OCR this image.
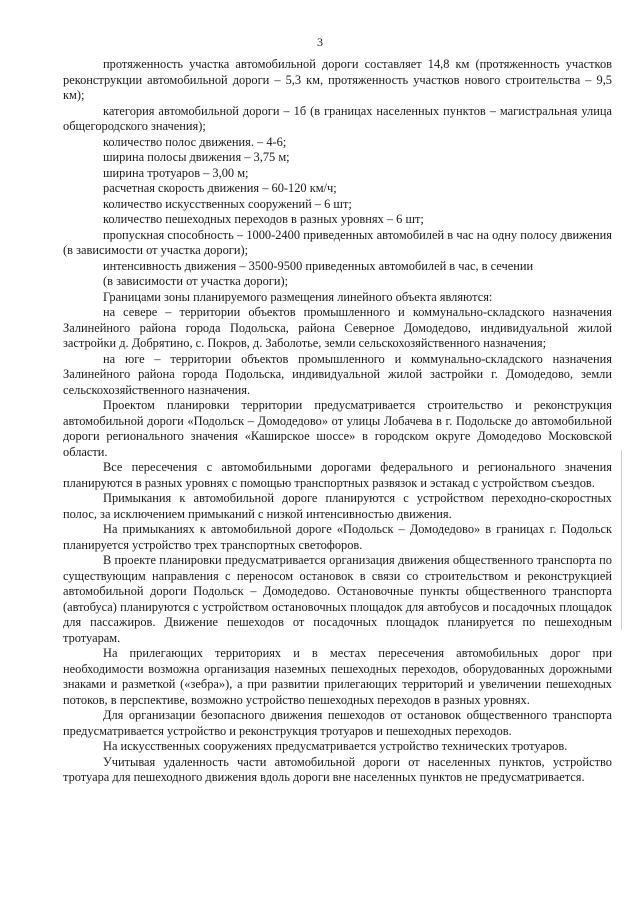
3

протяженность участка автомобильной дороги составляет 14,8 км (протяженность участков реконструкции автомобильной дороги – 5,3 км, протяженность участков нового строительства – 9,5 км);

категория автомобильной дороги – 1б (в границах населенных пунктов – магистральная улица общегородского значения);

количество полос движения. – 4-6;

ширина полосы движения – 3,75 м;

ширина тротуаров – 3,00 м;

расчетная скорость движения – 60-120 км/ч;

количество искусственных сооружений – 6 шт;

количество пешеходных переходов в разных уровнях – 6 шт;

пропускная способность – 1000-2400 приведенных автомобилей в час на одну полосу движения (в зависимости от участка дороги);

интенсивность движения – 3500-9500 приведенных автомобилей в час, в сечении

(в зависимости от участка дороги);

Границами зоны планируемого размещения линейного объекта являются:

на севере – территории объектов промышленного и коммунально-складского назначения Залинейного района города Подольска, района Северное Домодедово, индивидуальной жилой застройки д. Добрятино, с. Покров, д. Заболотье, земли сельскохозяйственного назначения;

на юге – территории объектов промышленного и коммунально-складского назначения Залинейного района города Подольска, индивидуальной жилой застройки г. Домодедово, земли сельскохозяйственного назначения.

Проектом планировки территории предусматривается строительство и реконструкция автомобильной дороги «Подольск – Домодедово» от улицы Лобачева в г. Подольске до автомобильной дороги регионального значения «Каширское шоссе» в городском округе Домодедово Московской области.

Все пересечения с автомобильными дорогами федерального и регионального значения планируются в разных уровнях с помощью транспортных развязок и эстакад с устройством съездов.

Примыкания к автомобильной дороге планируются с устройством переходно-скоростных полос, за исключением примыканий с низкой интенсивностью движения.

На примыканиях к автомобильной дороге «Подольск – Домодедово» в границах г. Подольск планируется устройство трех транспортных светофоров.

В проекте планировки предусматривается организация движения общественного транспорта по существующим направления с переносом остановок в связи со строительством и реконструкцией автомобильной дороги Подольск – Домодедово. Остановочные пункты общественного транспорта (автобуса) планируются с устройством остановочных площадок для автобусов и посадочных площадок для пассажиров. Движение пешеходов от посадочных площадок планируется по пешеходным тротуарам.

На прилегающих территориях и в местах пересечения автомобильных дорог при необходимости возможна организация наземных пешеходных переходов, оборудованных дорожными знаками и разметкой («зебра»), а при развитии прилегающих территорий и увеличении пешеходных потоков, в перспективе, возможно устройство пешеходных переходов в разных уровнях.

Для организации безопасного движения пешеходов от остановок общественного транспорта предусматривается устройство и реконструкция тротуаров и пешеходных переходов.

На искусственных сооружениях предусматривается устройство технических тротуаров.

Учитывая удаленность части автомобильной дороги от населенных пунктов, устройство тротуара для пешеходного движения вдоль дороги вне населенных пунктов не предусматривается.
